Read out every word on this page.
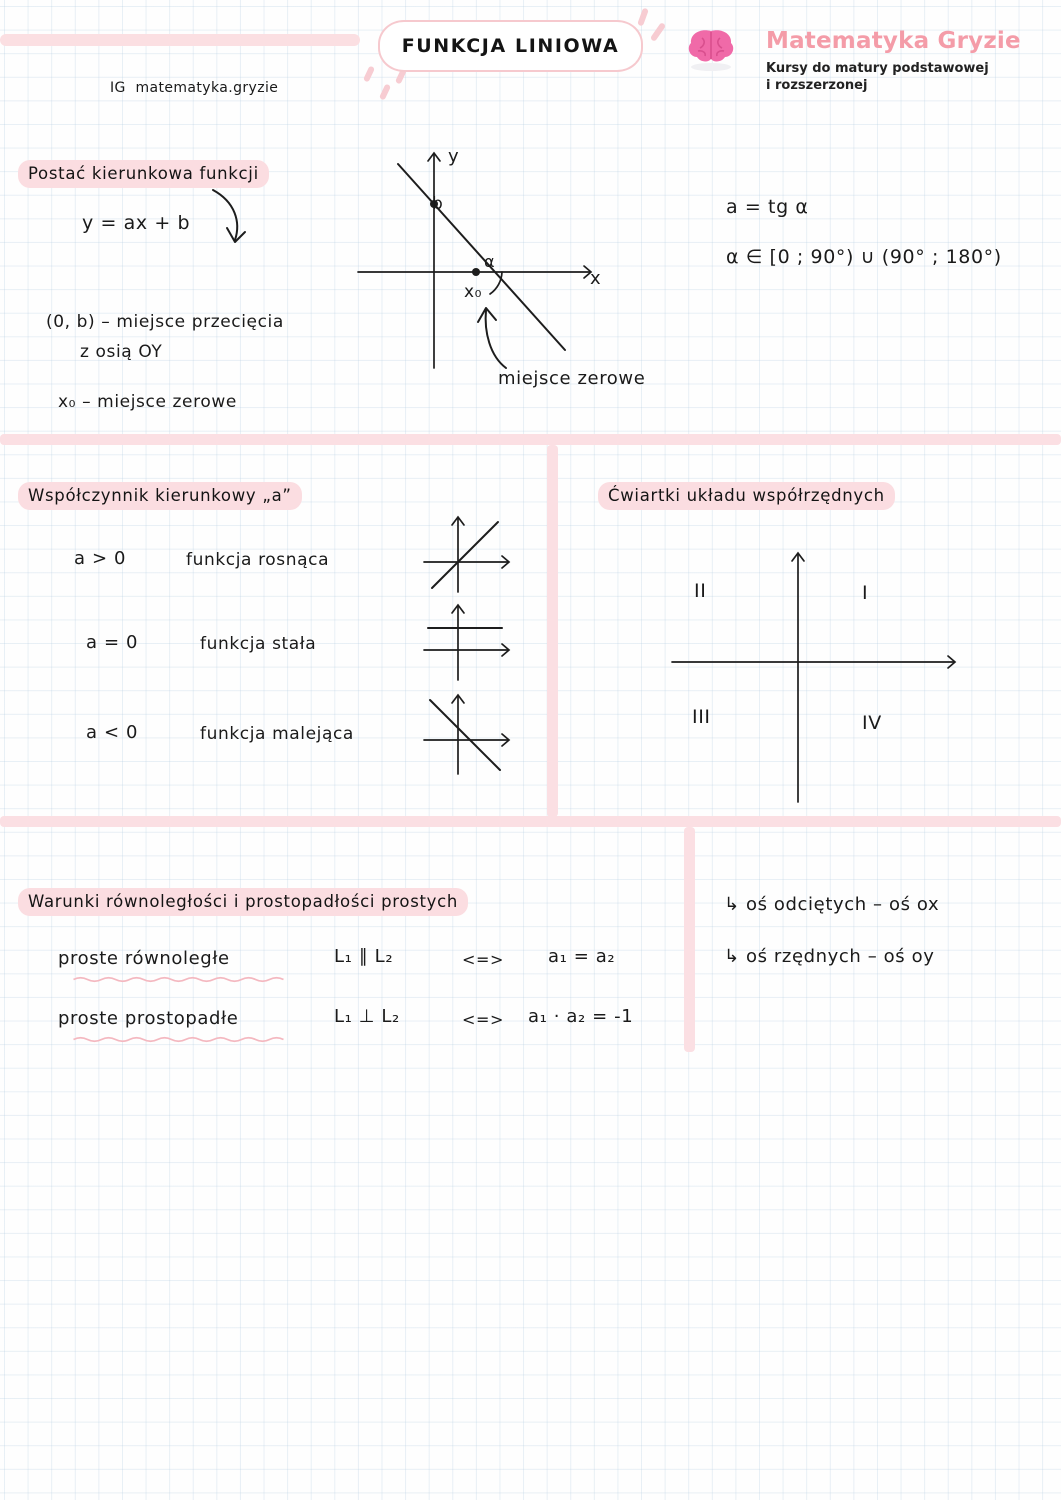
FUNKCJA LINIOWA
IG  matematyka.gryzie
Matematyka Gryzie
Kursy do matury podstawowej
i rozszerzonej
Postać kierunkowa funkcji
y = ax + b
(0, b) – miejsce przecięcia
z osią OY
x₀ – miejsce zerowe
y
x
b
x₀
α
miejsce zerowe
a = tg α
α ∈ [0 ; 90°) ∪ (90° ; 180°)
Współczynnik kierunkowy „a”
a > 0	funkcja rosnąca
a = 0	funkcja stała
a < 0	funkcja malejąca
Ćwiartki układu współrzędnych
II	I
III	IV
Warunki równoległości i prostopadłości prostych
proste równoległe	L₁ ∥ L₂	<=> a₁ = a₂
proste prostopadłe	L₁ ⊥ L₂	<=> a₁ · a₂ = -1
↳ oś odciętych – oś ox
↳ oś rzędnych – oś oy
